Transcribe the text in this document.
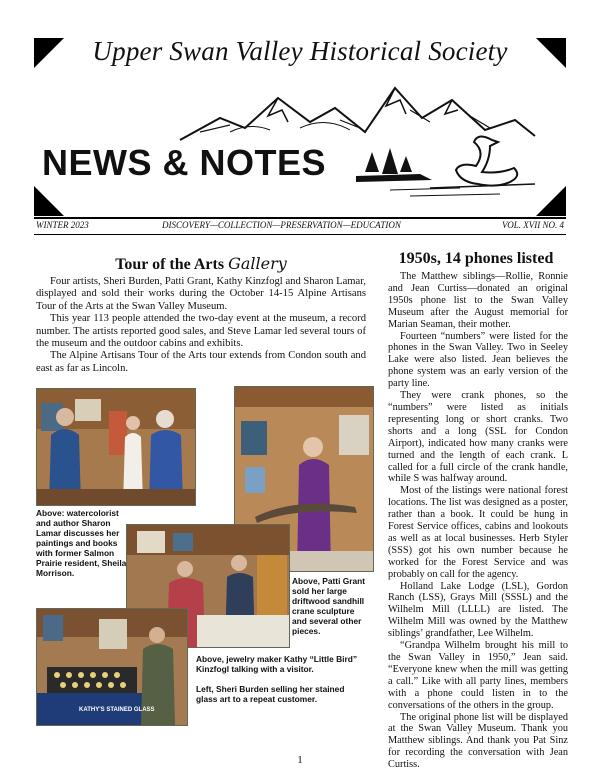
Upper Swan Valley Historical Society
NEWS & NOTES
WINTER 2023	DISCOVERY—COLLECTION—PRESERVATION—EDUCATION	VOL. XVII NO. 4
Tour of the Arts Gallery

Four artists, Sheri Burden, Patti Grant, Kathy Kinzfogl and Sharon Lamar, displayed and sold their works during the October 14-15 Alpine Artisans Tour of the Arts at the Swan Valley Museum.

This year 113 people attended the two-day event at the museum, a record number. The artists reported good sales, and Steve Lamar led several tours of the museum and the outdoor cabins and exhibits.

The Alpine Artisans Tour of the Arts tour extends from Condon south and east as far as Lincoln.

Above: watercolorist and author Sharon Lamar discusses her paintings and books with former Salmon Prairie resident, Sheila Morrison.
Above, Patti Grant sold her large driftwood sandhill crane sculpture and several other pieces.
KATHY'S STAINED GLASS
Above, jewelry maker Kathy “Little Bird” Kinzfogl talking with a visitor.
Left, Sheri Burden selling her stained glass art to a repeat customer.
1950s, 14 phones listed

The Matthew siblings—Rollie, Ronnie and Jean Curtiss—donated an original 1950s phone list to the Swan Valley Museum after the August memorial for Marian Seaman, their mother.

Fourteen “numbers” were listed for the phones in the Swan Valley. Two in Seeley Lake were also listed. Jean believes the phone system was an early version of the party line.

They were crank phones, so the “numbers” were listed as initials representing long or short cranks. Two shorts and a long (SSL for Condon Airport), indicated how many cranks were turned and the length of each crank. L called for a full circle of the crank handle, while S was halfway around.

Most of the listings were national forest locations. The list was designed as a poster, rather than a book. It could be hung in Forest Service offices, cabins and lookouts as well as at local businesses. Herb Styler (SSS) got his own number because he worked for the Forest Service and was probably on call for the agency.

Holland Lake Lodge (LSL), Gordon Ranch (LSS), Grays Mill (SSSL) and the Wilhelm Mill (LLLL) are listed. The Wilhelm Mill was owned by the Matthew siblings’ grandfather, Lee Wilhelm.

“Grandpa Wilhelm brought his mill to the Swan Valley in 1950,” Jean said. “Everyone knew when the mill was getting a call.” Like with all party lines, members with a phone could listen in to the conversations of the others in the group.

The original phone list will be displayed at the Swan Valley Museum. Thank you Matthew siblings. And thank you Pat Sinz for recording the conversation with Jean Curtiss.

1
